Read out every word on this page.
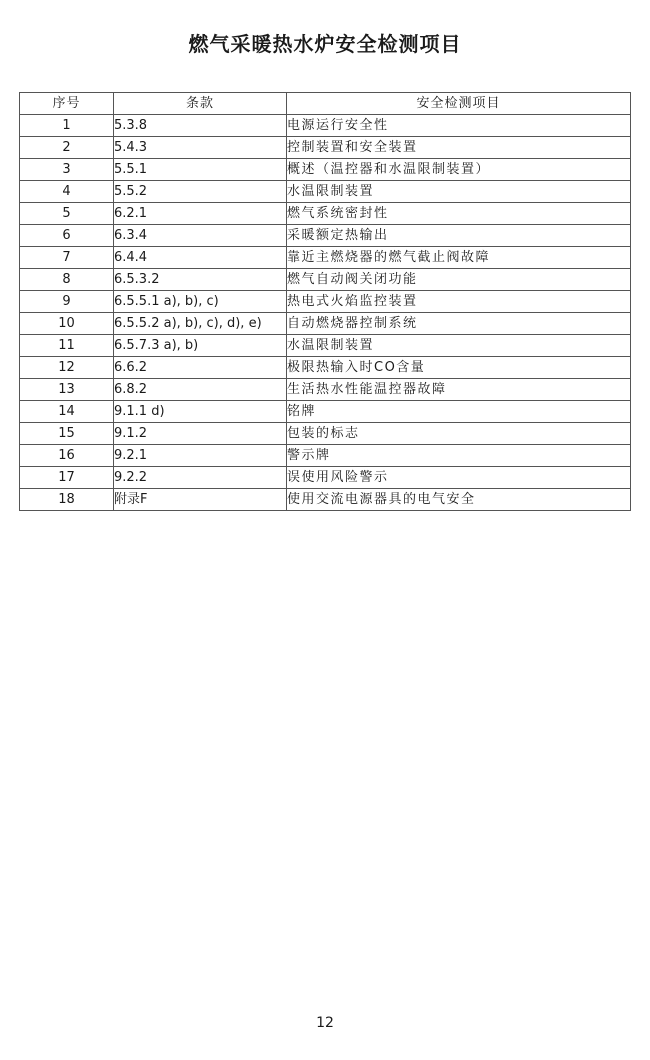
燃气采暖热水炉安全检测项目
序号	条款	安全检测项目
1	5.3.8	电源运行安全性
2	5.4.3	控制装置和安全装置
3	5.5.1	概述（温控器和水温限制装置）
4	5.5.2	水温限制装置
5	6.2.1	燃气系统密封性
6	6.3.4	采暖额定热输出
7	6.4.4	靠近主燃烧器的燃气截止阀故障
8	6.5.3.2	燃气自动阀关闭功能
9	6.5.5.1 a), b), c)	热电式火焰监控装置
10	6.5.5.2 a), b), c), d), e)	自动燃烧器控制系统
11	6.5.7.3 a), b)	水温限制装置
12	6.6.2	极限热输入时CO含量
13	6.8.2	生活热水性能温控器故障
14	9.1.1 d)	铭牌
15	9.1.2	包装的标志
16	9.2.1	警示牌
17	9.2.2	误使用风险警示
18	附录F	使用交流电源器具的电气安全
12
